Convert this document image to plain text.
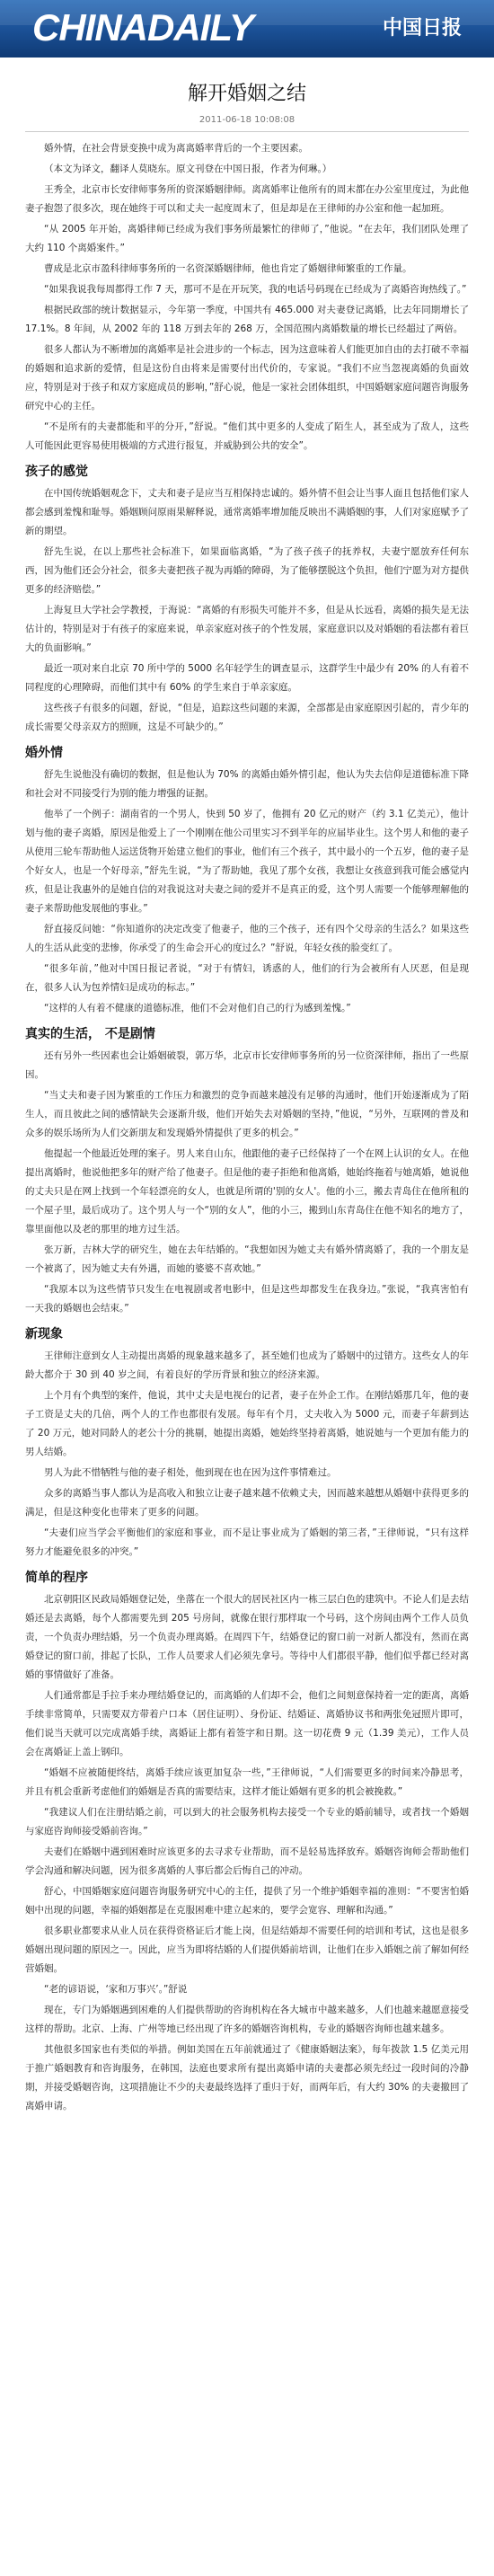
CHINADAILY	中国日报
解开婚姻之结
2011-06-18 10:08:08
婚外情，在社会背景变换中成为离离婚率背后的一个主要因素。
（本文为译文，翻译人莫晓东。原文刊登在中国日报，作者为何琳。）
王秀全，北京市长安律师事务所的资深婚姻律师。离离婚率让他所有的周末都在办公室里度过，为此他妻子抱怨了很多次，现在她终于可以和丈夫一起度周末了，但是却是在王律师的办公室和他一起加班。
“从 2005 年开始，离婚律师已经成为我们事务所最繁忙的律师了，”他说。“在去年，我们团队处理了大约 110 个离婚案件。”
曹成是北京市盈科律师事务所的一名资深婚姻律师，他也肯定了婚姻律师繁重的工作量。
“如果我说我每周都得工作 7 天，那可不是在开玩笑，我的电话号码现在已经成为了离婚咨询热线了。”
根据民政部的统计数据显示，今年第一季度，中国共有 465.000 对夫妻登记离婚，比去年同期增长了 17.1%。8 年间，从 2002 年的 118 万到去年的 268 万，全国范围内离婚数量的增长已经超过了两倍。
很多人都认为不断增加的离婚率是社会进步的一个标志，因为这意味着人们能更加自由的去打破不幸福的婚姻和追求新的爱情，但是这份自由将来是需要付出代价的，专家说。“我们不应当忽视离婚的负面效应，特别是对于孩子和双方家庭成员的影响，”舒心说，他是一家社会团体组织，中国婚姻家庭问题咨询服务研究中心的主任。
“不是所有的夫妻都能和平的分开，”舒说。“他们其中更多的人变成了陌生人，甚至成为了敌人，这些人可能因此更容易使用极端的方式进行报复，并威胁到公共的安全”。
孩子的感觉
在中国传统婚姻观念下，丈夫和妻子是应当互相保持忠诚的。婚外情不但会让当事人面且包括他们家人都会感到羞愧和耻辱。婚姻顾问原雨果解释说，通常离婚率增加能反映出不满婚姻的事，人们对家庭赋予了新的期望。
舒先生说，在以上那些社会标准下，如果面临离婚，“为了孩子孩子的抚养权，夫妻宁愿放弃任何东西，因为他们还会分社会，很多夫妻把孩子视为再婚的障碍，为了能够摆脱这个负担，他们宁愿为对方提供更多的经济赔偿。”
上海复旦大学社会学教授，于海说：“离婚的有形损失可能并不多，但是从长远看，离婚的损失是无法估计的，特别是对于有孩子的家庭来说，单亲家庭对孩子的个性发展，家庭意识以及对婚姻的看法都有着巨大的负面影响。”
最近一项对来自北京 70 所中学的 5000 名年轻学生的调查显示，这群学生中最少有 20% 的人有着不同程度的心理障碍，而他们其中有 60% 的学生来自于单亲家庭。
这些孩子有很多的问题，舒说，“但是，追踪这些问题的来源，全部都是由家庭原因引起的，青少年的成长需要父母亲双方的照顾，这是不可缺少的。”
婚外情
舒先生说他没有确切的数据，但是他认为 70% 的离婚由婚外情引起，他认为失去信仰是道德标准下降和社会对不同接受行为别的能力增强的证据。
他举了一个例子：湖南省的一个男人，快到 50 岁了，他拥有 20 亿元的财产（约 3.1 亿美元），他计划与他的妻子离婚，原因是他爱上了一个刚刚在他公司里实习不到半年的应届毕业生。这个男人和他的妻子从使用三轮车帮助他人运送货物开始建立他们的事业，他们有三个孩子，其中最小的一个五岁，他的妻子是个好女人，也是一个好母亲，”舒先生说，“为了帮助她，我见了那个女孩，我想让女孩意到我可能会感觉内疚，但是让我惠外的是她自信的对我说这对夫妻之间的爱并不是真正的爱，这个男人需要一个能够理解他的妻子来帮助他发展他的事业。”
舒直接反问她：“你知道你的决定改变了他妻子，他的三个孩子，还有四个父母亲的生活么？如果这些人的生活从此变的悲惨，你承受了的生命会开心的度过么？”舒说，年轻女孩的脸变红了。
“很多年前，”他对中国日报记者说，“对于有情妇，诱惑的人，他们的行为会被所有人厌恶，但是现在，很多人认为包养情妇是成功的标志。”
“这样的人有着不健康的道德标准，他们不会对他们自己的行为感到羞愧。”
真实的生活， 不是剧情
还有另外一些因素也会让婚姻破裂，郭万华，北京市长安律师事务所的另一位资深律师，指出了一些原因。
“当丈夫和妻子因为繁重的工作压力和激烈的竞争而越来越没有足够的沟通时，他们开始逐渐成为了陌生人，而且彼此之间的感情缺失会逐渐升级，他们开始失去对婚姻的坚持，”他说，“另外，互联网的普及和众多的娱乐场所为人们交新朋友和发现婚外情提供了更多的机会。”
他提起一个他最近处理的案子。男人来自山东，他跟他的妻子已经保持了一个在网上认识的女人。在他提出离婚时，他说他把多年的财产给了他妻子。但是他的妻子拒绝和他离婚，她始终拖着与她离婚，她说他的丈夫只是在网上找到一个年轻漂亮的女人，也就是所谓的'别的女人'。他的小三，搬去青岛住在他所租的一个屋子里，最后成功了。这个男人与一个“别的女人”，他的小三，搬到山东青岛住在他不知名的地方了，靠里面他以及老的那里的地方过生活。
张万新，吉林大学的研究生，她在去年结婚的。“我想如因为她丈夫有婚外情离婚了，我的一个朋友是一个被离了，因为她丈夫有外遇，而她的婆婆不喜欢她。”
“我原本以为这些情节只发生在电视剧或者电影中，但是这些却都发生在我身边。”张说，“我真害怕有一天我的婚姻也会结束。”
新现象
王律师注意到女人主动提出离婚的现象越来越多了，甚至她们也成为了婚姻中的过错方。这些女人的年龄大都介于 30 到 40 岁之间，有着良好的学历背景和独立的经济来源。
上个月有个典型的案件，他说，其中丈夫是电视台的记者，妻子在外企工作。在刚结婚那几年，他的妻子工资是丈夫的几倍，两个人的工作也都很有发展。每年有个月，丈夫收入为 5000 元，而妻子年薪到达了 20 万元，她对同龄人的老公十分的挑剔，她提出离婚，她始终坚持着离婚，她说她与一个更加有能力的男人结婚。
男人为此不惜牺牲与他的妻子相处，他到现在也在因为这件事情难过。
众多的离婚当事人都认为是高收入和独立让妻子越来越不依赖丈夫，因而越来越想从婚姻中获得更多的满足，但是这种变化也带来了更多的问题。
“夫妻们应当学会平衡他们的家庭和事业，而不是让事业成为了婚姻的第三者，”王律师说，“只有这样努力才能避免很多的冲突。”
简单的程序
北京朝阳区民政局婚姻登记处，坐落在一个很大的居民社区内一栋三层白色的建筑中。不论人们是去结婚还是去离婚，每个人都需要先到 205 号房间，就像在银行那样取一个号码，这个房间由两个工作人员负责，一个负责办理结婚，另一个负责办理离婚。在周四下午，结婚登记的窗口前一对新人都没有，然而在离婚登记的窗口前，排起了长队，工作人员要求人们必须先拿号。等待中人们都很平静，他们似乎都已经对离婚的事情做好了准备。
人们通常都是手拉手来办理结婚登记的，而离婚的人们却不会，他们之间刻意保持着一定的距离，离婚手续非常简单，只需要双方带着户口本（居住证明）、身份证、结婚证、离婚协议书和两张免冠照片即可，他们说当天就可以完成离婚手续，离婚证上都有着签字和日期。这一切花费 9 元（1.39 美元），工作人员会在离婚证上盖上钢印。
“婚姻不应被随便终结，离婚手续应该更加复杂一些，”王律师说，“人们需要更多的时间来冷静思考，并且有机会重新考虑他们的婚姻是否真的需要结束，这样才能让婚姻有更多的机会被挽救。”
“我建议人们在注册结婚之前，可以到大的社会服务机构去接受一个专业的婚前辅导，或者找一个婚姻与家庭咨询师接受婚前咨询。”
夫妻们在婚姻中遇到困难时应该更多的去寻求专业帮助，而不是轻易选择放弃。婚姻咨询师会帮助他们学会沟通和解决问题，因为很多离婚的人事后都会后悔自己的冲动。
舒心，中国婚姻家庭问题咨询服务研究中心的主任，提供了另一个维护婚姻幸福的准则：“不要害怕婚姻中出现的问题，幸福的婚姻都是在克服困难中建立起来的，要学会宽容、理解和沟通。”
很多职业都要求从业人员在获得资格证后才能上岗，但是结婚却不需要任何的培训和考试，这也是很多婚姻出现问题的原因之一。因此，应当为即将结婚的人们提供婚前培训，让他们在步入婚姻之前了解如何经营婚姻。
“老的谚语说，‘家和万事兴’。”舒说
现在，专门为婚姻遇到困难的人们提供帮助的咨询机构在各大城市中越来越多，人们也越来越愿意接受这样的帮助。北京、上海、广州等地已经出现了许多的婚姻咨询机构，专业的婚姻咨询师也越来越多。
其他很多国家也有类似的举措。例如美国在五年前就通过了《健康婚姻法案》，每年拨款 1.5 亿美元用于推广婚姻教育和咨询服务，在韩国，法庭也要求所有提出离婚申请的夫妻都必须先经过一段时间的冷静期，并接受婚姻咨询，这项措施让不少的夫妻最终选择了重归于好，而两年后，有大约 30% 的夫妻撤回了离婚申请。
